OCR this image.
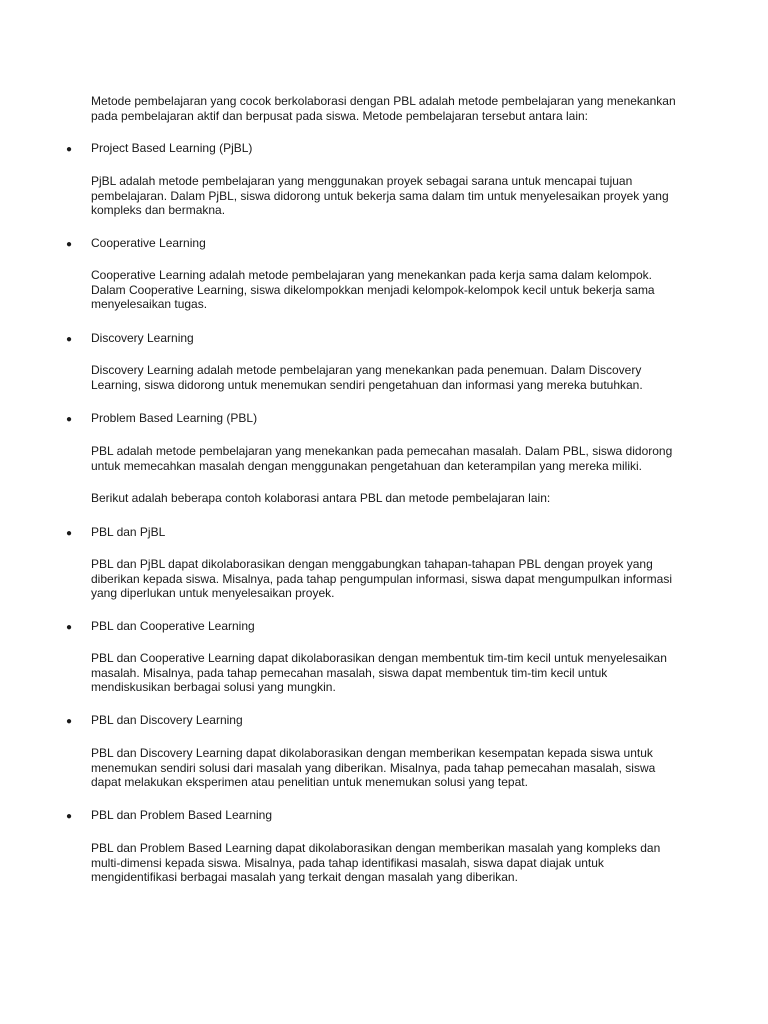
Metode pembelajaran yang cocok berkolaborasi dengan PBL adalah metode pembelajaran yang menekankan
pada pembelajaran aktif dan berpusat pada siswa. Metode pembelajaran tersebut antara lain:

●	Project Based Learning (PjBL)

PjBL adalah metode pembelajaran yang menggunakan proyek sebagai sarana untuk mencapai tujuan
pembelajaran. Dalam PjBL, siswa didorong untuk bekerja sama dalam tim untuk menyelesaikan proyek yang
kompleks dan bermakna.

●	Cooperative Learning

Cooperative Learning adalah metode pembelajaran yang menekankan pada kerja sama dalam kelompok.
Dalam Cooperative Learning, siswa dikelompokkan menjadi kelompok-kelompok kecil untuk bekerja sama
menyelesaikan tugas.

●	Discovery Learning

Discovery Learning adalah metode pembelajaran yang menekankan pada penemuan. Dalam Discovery
Learning, siswa didorong untuk menemukan sendiri pengetahuan dan informasi yang mereka butuhkan.

●	Problem Based Learning (PBL)

PBL adalah metode pembelajaran yang menekankan pada pemecahan masalah. Dalam PBL, siswa didorong
untuk memecahkan masalah dengan menggunakan pengetahuan dan keterampilan yang mereka miliki.

Berikut adalah beberapa contoh kolaborasi antara PBL dan metode pembelajaran lain:

●	PBL dan PjBL

PBL dan PjBL dapat dikolaborasikan dengan menggabungkan tahapan-tahapan PBL dengan proyek yang
diberikan kepada siswa. Misalnya, pada tahap pengumpulan informasi, siswa dapat mengumpulkan informasi
yang diperlukan untuk menyelesaikan proyek.

●	PBL dan Cooperative Learning

PBL dan Cooperative Learning dapat dikolaborasikan dengan membentuk tim-tim kecil untuk menyelesaikan
masalah. Misalnya, pada tahap pemecahan masalah, siswa dapat membentuk tim-tim kecil untuk
mendiskusikan berbagai solusi yang mungkin.

●	PBL dan Discovery Learning

PBL dan Discovery Learning dapat dikolaborasikan dengan memberikan kesempatan kepada siswa untuk
menemukan sendiri solusi dari masalah yang diberikan. Misalnya, pada tahap pemecahan masalah, siswa
dapat melakukan eksperimen atau penelitian untuk menemukan solusi yang tepat.

●	PBL dan Problem Based Learning

PBL dan Problem Based Learning dapat dikolaborasikan dengan memberikan masalah yang kompleks dan
multi-dimensi kepada siswa. Misalnya, pada tahap identifikasi masalah, siswa dapat diajak untuk
mengidentifikasi berbagai masalah yang terkait dengan masalah yang diberikan.
